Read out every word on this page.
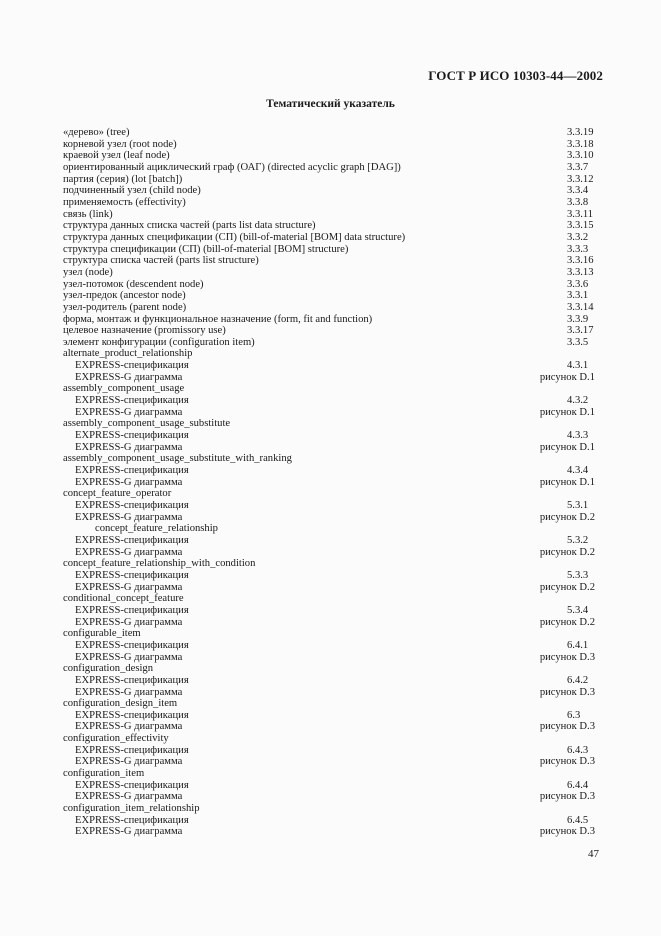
ГОСТ Р ИСО 10303-44—2002
Тематический указатель
«дерево» (tree)	3.3.19
корневой узел (root node)	3.3.18
краевой узел (leaf node)	3.3.10
ориентированный ациклический граф (ОАГ) (directed acyclic graph [DAG])	3.3.7
партия (серия) (lot [batch])	3.3.12
подчиненный узел (child node)	3.3.4
применяемость (effectivity)	3.3.8
связь (link)	3.3.11
структура данных списка частей (parts list data structure)	3.3.15
структура данных спецификации (СП) (bill-of-material [BOM] data structure)	3.3.2
структура спецификации (СП) (bill-of-material [BOM] structure)	3.3.3
структура списка частей (parts list structure)	3.3.16
узел (node)	3.3.13
узел-потомок (descendent node)	3.3.6
узел-предок (ancestor node)	3.3.1
узел-родитель (parent node)	3.3.14
форма, монтаж и функциональное назначение (form, fit and function)	3.3.9
целевое назначение (promissory use)	3.3.17
элемент конфигурации (configuration item)	3.3.5
alternate_product_relationship
EXPRESS-спецификация	4.3.1
EXPRESS-G диаграмма	рисунок D.1
assembly_component_usage
EXPRESS-спецификация	4.3.2
EXPRESS-G диаграмма	рисунок D.1
assembly_component_usage_substitute
EXPRESS-спецификация	4.3.3
EXPRESS-G диаграмма	рисунок D.1
assembly_component_usage_substitute_with_ranking
EXPRESS-спецификация	4.3.4
EXPRESS-G диаграмма	рисунок D.1
concept_feature_operator
EXPRESS-спецификация	5.3.1
EXPRESS-G диаграмма	рисунок D.2
concept_feature_relationship
EXPRESS-спецификация	5.3.2
EXPRESS-G диаграмма	рисунок D.2
concept_feature_relationship_with_condition
EXPRESS-спецификация	5.3.3
EXPRESS-G диаграмма	рисунок D.2
conditional_concept_feature
EXPRESS-спецификация	5.3.4
EXPRESS-G диаграмма	рисунок D.2
configurable_item
EXPRESS-спецификация	6.4.1
EXPRESS-G диаграмма	рисунок D.3
configuration_design
EXPRESS-спецификация	6.4.2
EXPRESS-G диаграмма	рисунок D.3
configuration_design_item
EXPRESS-спецификация	6.3
EXPRESS-G диаграмма	рисунок D.3
configuration_effectivity
EXPRESS-спецификация	6.4.3
EXPRESS-G диаграмма	рисунок D.3
configuration_item
EXPRESS-спецификация	6.4.4
EXPRESS-G диаграмма	рисунок D.3
configuration_item_relationship
EXPRESS-спецификация	6.4.5
EXPRESS-G диаграмма	рисунок D.3
47
